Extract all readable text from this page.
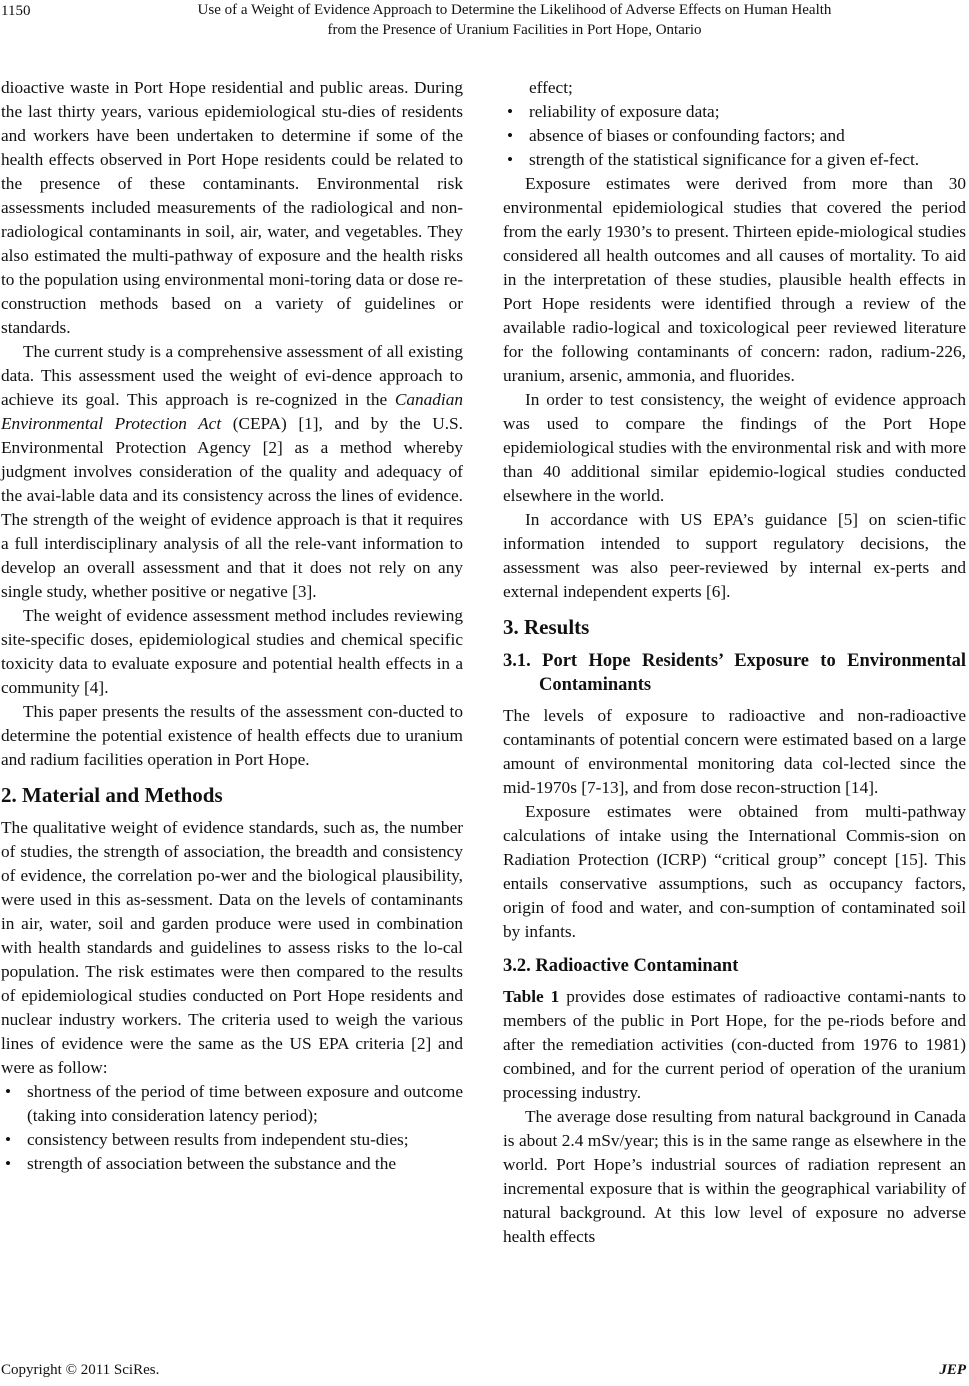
1150	Use of a Weight of Evidence Approach to Determine the Likelihood of Adverse Effects on Human Health
from the Presence of Uranium Facilities in Port Hope, Ontario

dioactive waste in Port Hope residential and public areas. During the last thirty years, various epidemiological stu-dies of residents and workers have been undertaken to determine if some of the health effects observed in Port Hope residents could be related to the presence of these contaminants. Environmental risk assessments included measurements of the radiological and non-radiological contaminants in soil, air, water, and vegetables. They also estimated the multi-pathway of exposure and the health risks to the population using environmental moni-toring data or dose re-construction methods based on a variety of guidelines or standards.

The current study is a comprehensive assessment of all existing data. This assessment used the weight of evi-dence approach to achieve its goal. This approach is re-cognized in the Canadian Environmental Protection Act (CEPA) [1], and by the U.S. Environmental Protection Agency [2] as a method whereby judgment involves consideration of the quality and adequacy of the avai-lable data and its consistency across the lines of evidence. The strength of the weight of evidence approach is that it requires a full interdisciplinary analysis of all the rele-vant information to develop an overall assessment and that it does not rely on any single study, whether positive or negative [3].

The weight of evidence assessment method includes reviewing site-specific doses, epidemiological studies and chemical specific toxicity data to evaluate exposure and potential health effects in a community [4].

This paper presents the results of the assessment con-ducted to determine the potential existence of health effects due to uranium and radium facilities operation in Port Hope.

2. Material and Methods

The qualitative weight of evidence standards, such as, the number of studies, the strength of association, the breadth and consistency of evidence, the correlation po-wer and the biological plausibility, were used in this as-sessment. Data on the levels of contaminants in air, water, soil and garden produce were used in combination with health standards and guidelines to assess risks to the lo-cal population. The risk estimates were then compared to the results of epidemiological studies conducted on Port Hope residents and nuclear industry workers. The criteria used to weigh the various lines of evidence were the same as the US EPA criteria [2] and were as follow:

• shortness of the period of time between exposure and outcome (taking into consideration latency period);
• consistency between results from independent stu-dies;
• strength of association between the substance and the
effect;
• reliability of exposure data;
• absence of biases or confounding factors; and
• strength of the statistical significance for a given ef-fect.

Exposure estimates were derived from more than 30 environmental epidemiological studies that covered the period from the early 1930’s to present. Thirteen epide-miological studies considered all health outcomes and all causes of mortality. To aid in the interpretation of these studies, plausible health effects in Port Hope residents were identified through a review of the available radio-logical and toxicological peer reviewed literature for the following contaminants of concern: radon, radium-226, uranium, arsenic, ammonia, and fluorides.

In order to test consistency, the weight of evidence approach was used to compare the findings of the Port Hope epidemiological studies with the environmental risk and with more than 40 additional similar epidemio-logical studies conducted elsewhere in the world.

In accordance with US EPA’s guidance [5] on scien-tific information intended to support regulatory decisions, the assessment was also peer-reviewed by internal ex-perts and external independent experts [6].

3. Results
3.1. Port Hope Residents’ Exposure to Environmental Contaminants

The levels of exposure to radioactive and non-radioactive contaminants of potential concern were estimated based on a large amount of environmental monitoring data col-lected since the mid-1970s [7-13], and from dose recon-struction [14].

Exposure estimates were obtained from multi-pathway calculations of intake using the International Commis-sion on Radiation Protection (ICRP) “critical group” concept [15]. This entails conservative assumptions, such as occupancy factors, origin of food and water, and con-sumption of contaminated soil by infants.

3.2. Radioactive Contaminant

Table 1 provides dose estimates of radioactive contami-nants to members of the public in Port Hope, for the pe-riods before and after the remediation activities (con-ducted from 1976 to 1981) combined, and for the current period of operation of the uranium processing industry.

The average dose resulting from natural background in Canada is about 2.4 mSv/year; this is in the same range as elsewhere in the world. Port Hope’s industrial sources of radiation represent an incremental exposure that is within the geographical variability of natural background. At this low level of exposure no adverse health effects

Copyright © 2011 SciRes.	JEP
